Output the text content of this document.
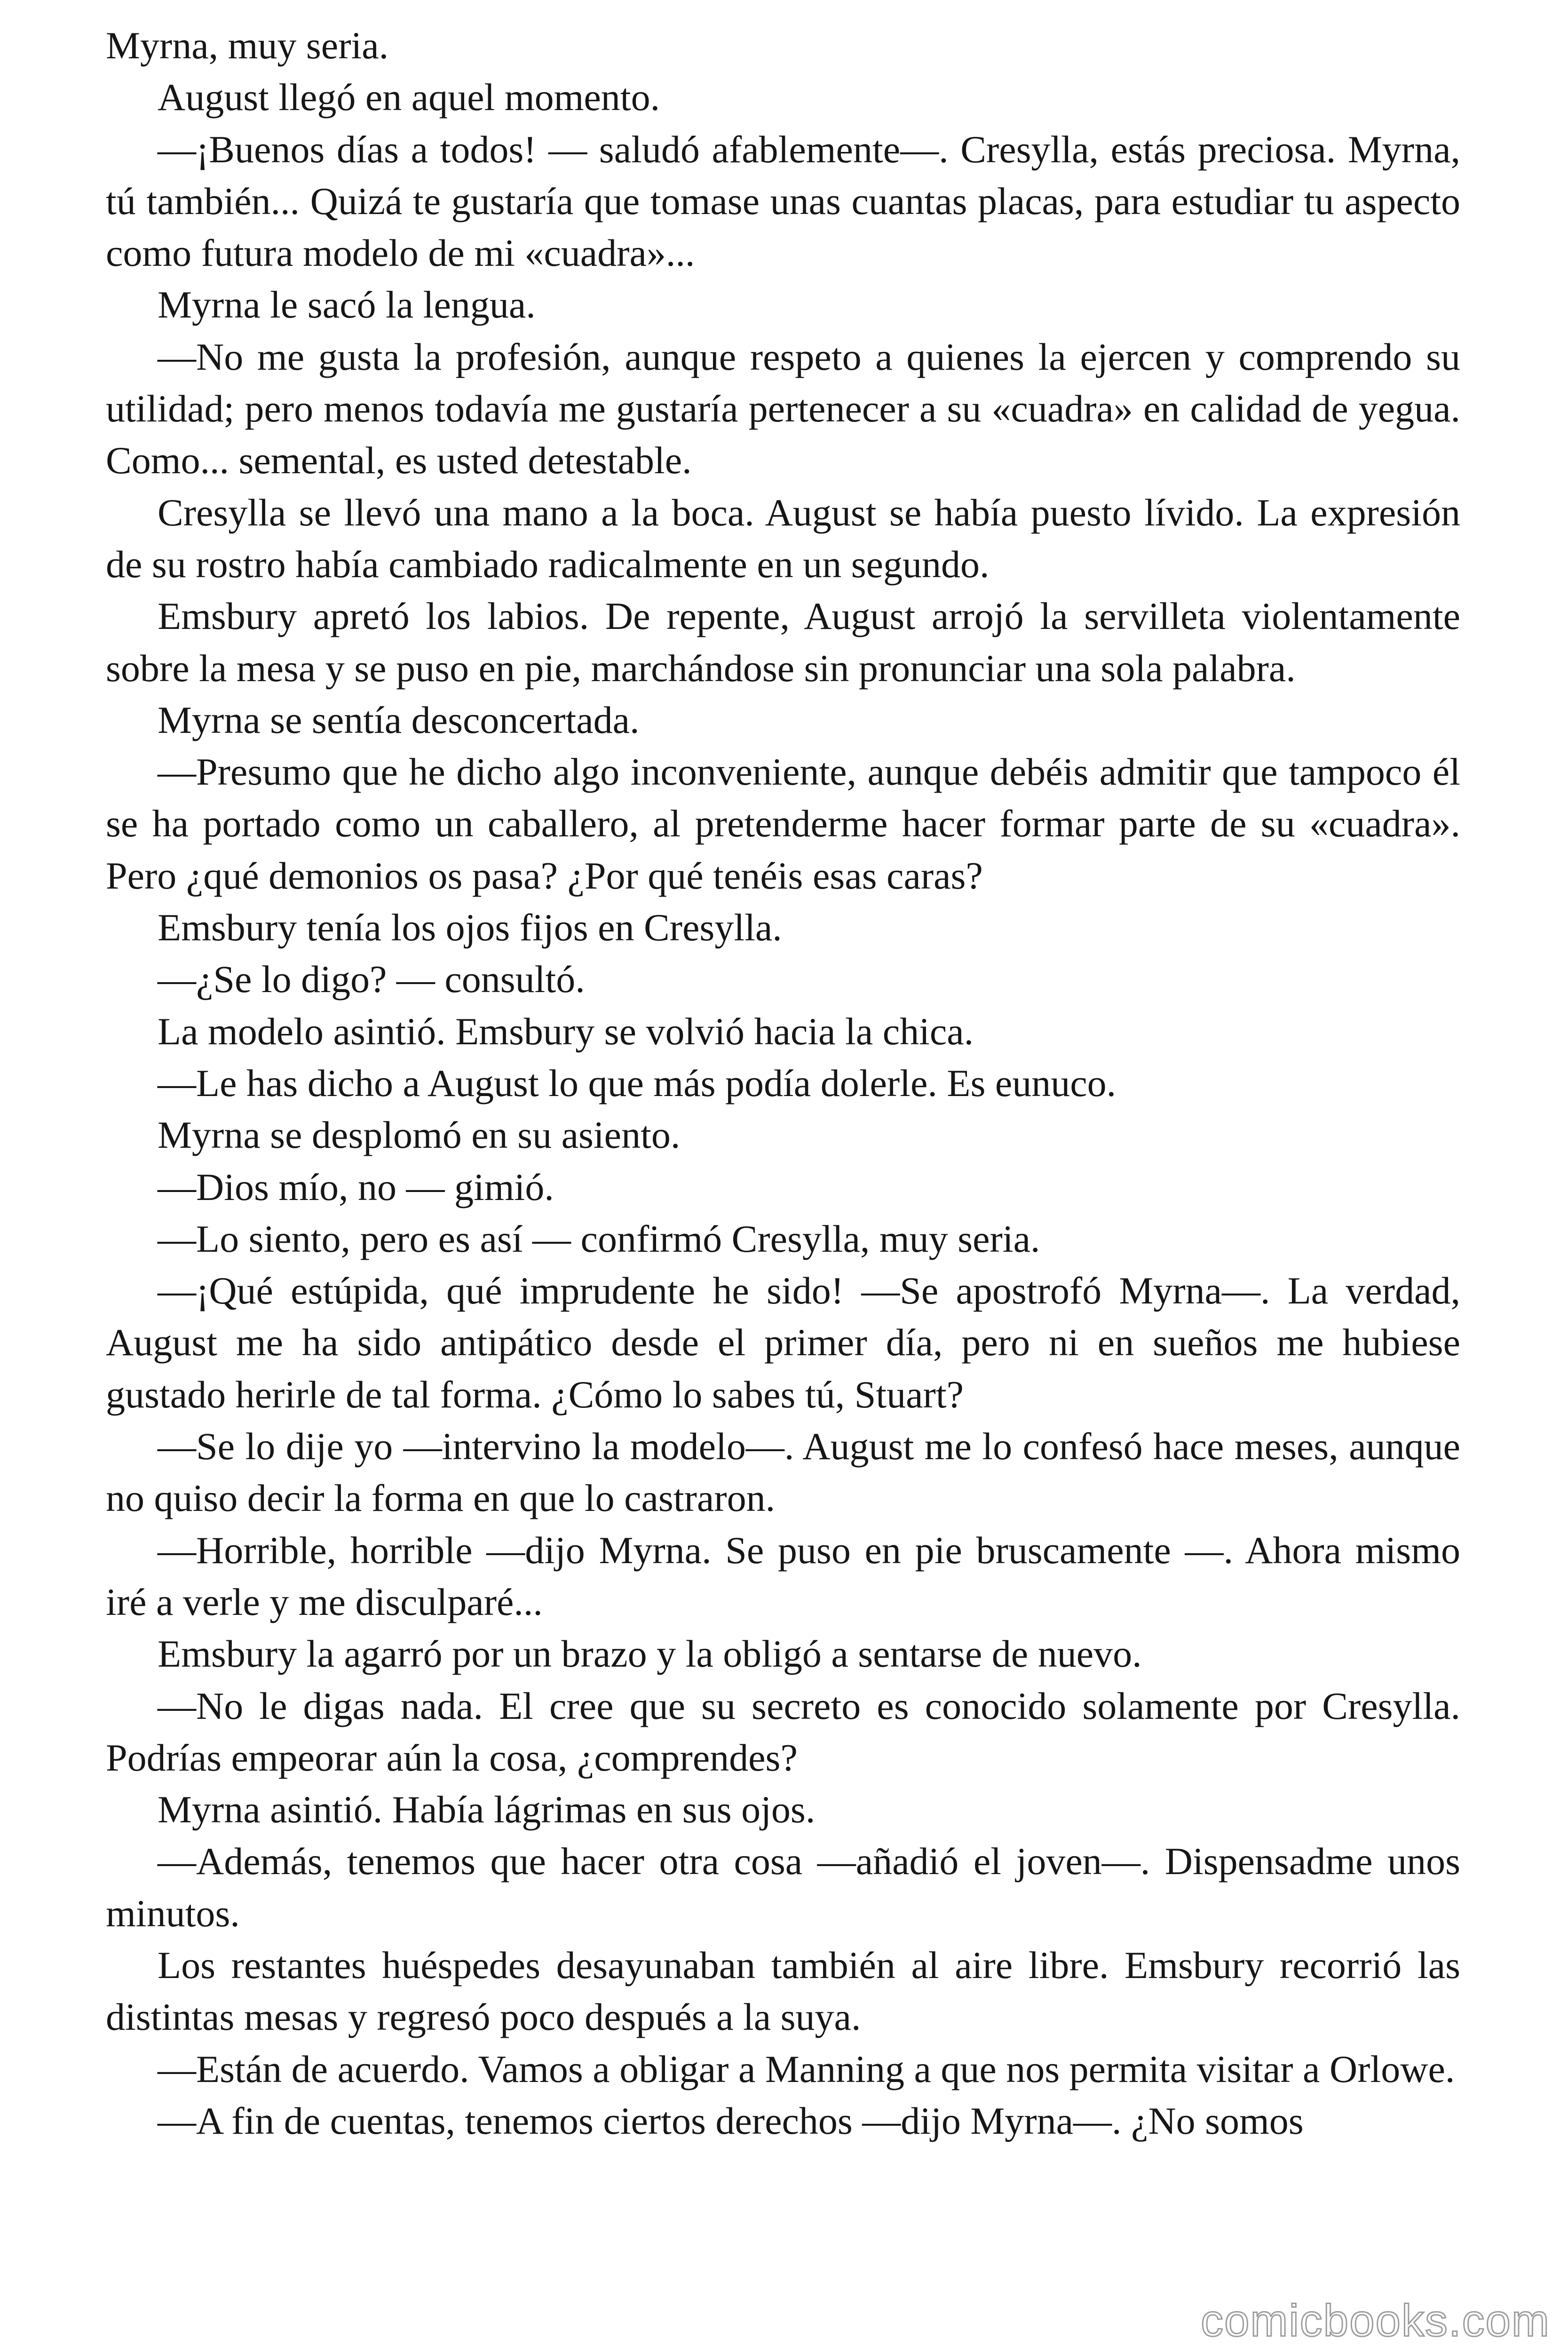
Myrna, muy seria.

August llegó en aquel momento.

—¡Buenos días a todos! — saludó afablemente—. Cresylla, estás preciosa. Myrna, tú también... Quizá te gustaría que tomase unas cuantas placas, para estudiar tu aspecto como futura modelo de mi «cuadra»...

Myrna le sacó la lengua.

—No me gusta la profesión, aunque respeto a quienes la ejercen y comprendo su utilidad; pero menos todavía me gustaría pertenecer a su «cuadra» en calidad de yegua. Como... semental, es usted detestable.

Cresylla se llevó una mano a la boca. August se había puesto lívido. La expresión de su rostro había cambiado radicalmente en un segundo.

Emsbury apretó los labios. De repente, August arrojó la servilleta violentamente sobre la mesa y se puso en pie, marchándose sin pronunciar una sola palabra.

Myrna se sentía desconcertada.

—Presumo que he dicho algo inconveniente, aunque debéis admitir que tampoco él se ha portado como un caballero, al pretenderme hacer formar parte de su «cuadra». Pero ¿qué demonios os pasa? ¿Por qué tenéis esas caras?

Emsbury tenía los ojos fijos en Cresylla.

—¿Se lo digo? — consultó.

La modelo asintió. Emsbury se volvió hacia la chica.

—Le has dicho a August lo que más podía dolerle. Es eunuco.

Myrna se desplomó en su asiento.

—Dios mío, no — gimió.

—Lo siento, pero es así — confirmó Cresylla, muy seria.

—¡Qué estúpida, qué imprudente he sido! —Se apostrofó Myrna—. La verdad, August me ha sido antipático desde el primer día, pero ni en sueños me hubiese gustado herirle de tal forma. ¿Cómo lo sabes tú, Stuart?

—Se lo dije yo —intervino la modelo—. August me lo confesó hace meses, aunque no quiso decir la forma en que lo castraron.

—Horrible, horrible —dijo Myrna. Se puso en pie bruscamente —. Ahora mismo iré a verle y me disculparé...

Emsbury la agarró por un brazo y la obligó a sentarse de nuevo.

—No le digas nada. El cree que su secreto es conocido solamente por Cresylla. Podrías empeorar aún la cosa, ¿comprendes?

Myrna asintió. Había lágrimas en sus ojos.

—Además, tenemos que hacer otra cosa —añadió el joven—. Dispensadme unos minutos.

Los restantes huéspedes desayunaban también al aire libre. Emsbury recorrió las distintas mesas y regresó poco después a la suya.

—Están de acuerdo. Vamos a obligar a Manning a que nos permita visitar a Orlowe.

—A fin de cuentas, tenemos ciertos derechos —dijo Myrna—. ¿No somos

comicbooks.com
